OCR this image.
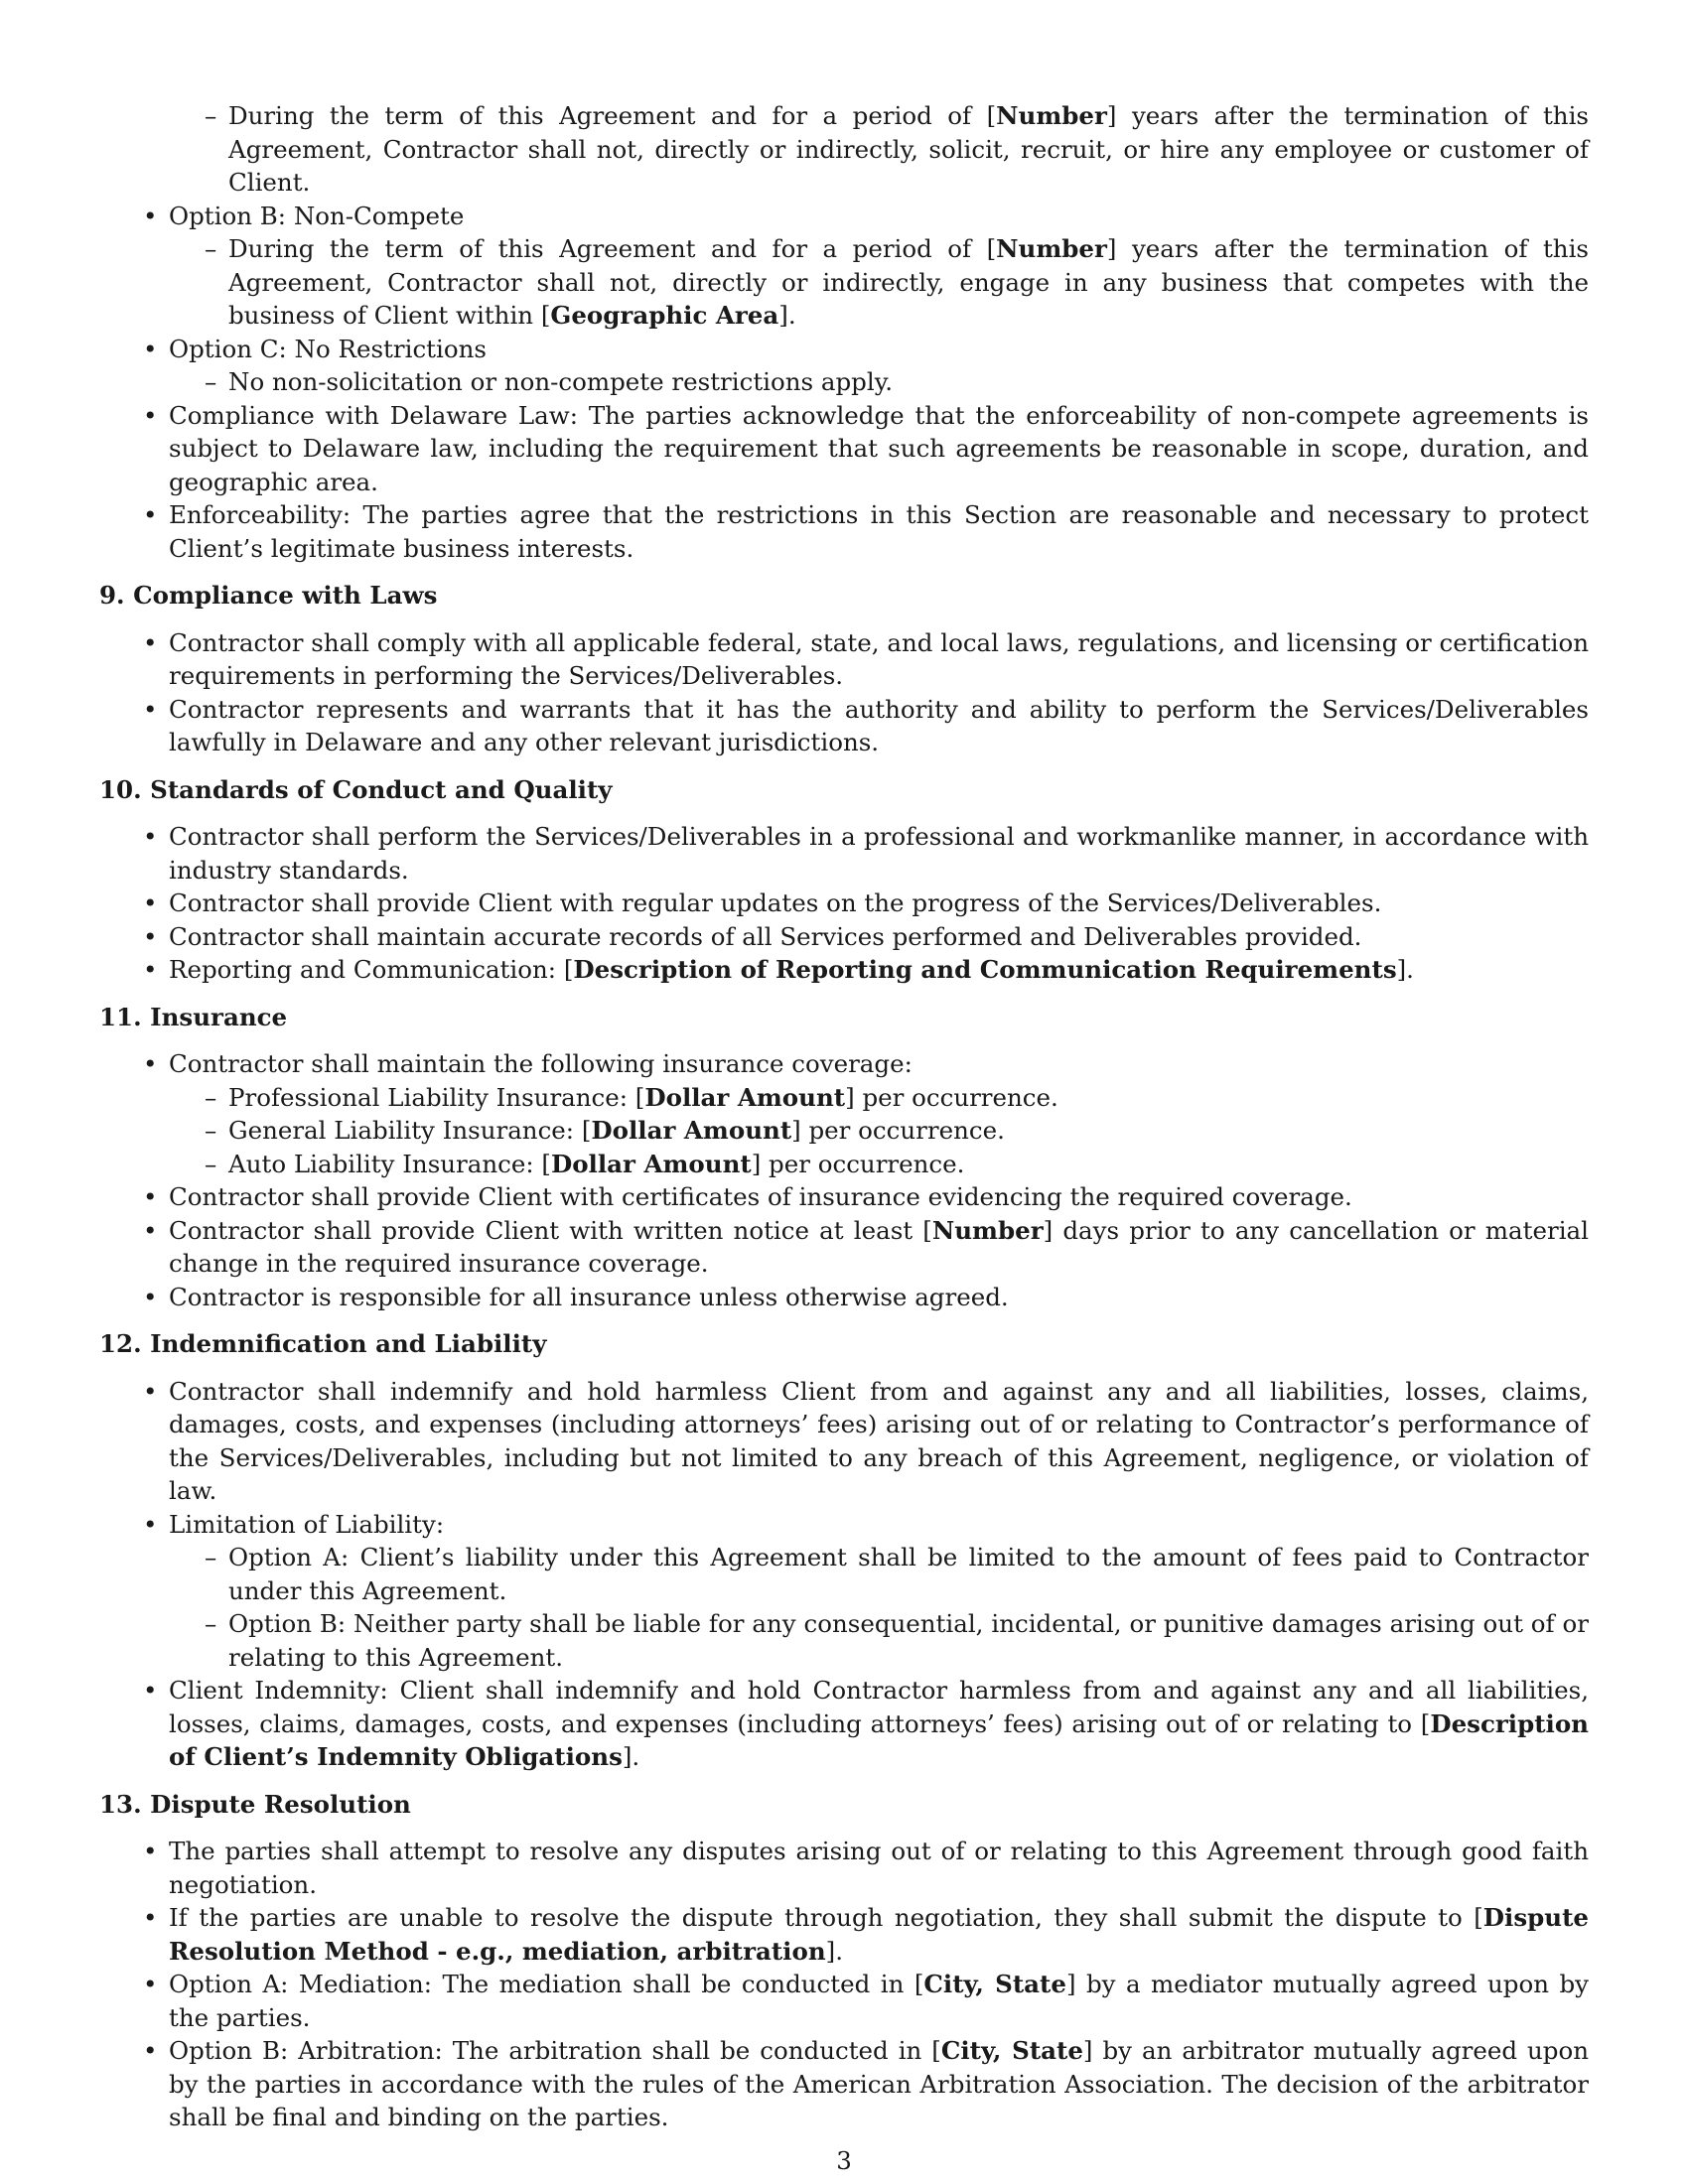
– During the term of this Agreement and for a period of [Number] years after the termination of this Agreement, Contractor shall not, directly or indirectly, solicit, recruit, or hire any employee or customer of Client.
• Option B: Non-Compete
– During the term of this Agreement and for a period of [Number] years after the termination of this Agreement, Contractor shall not, directly or indirectly, engage in any business that competes with the business of Client within [Geographic Area].
• Option C: No Restrictions
– No non-solicitation or non-compete restrictions apply.
• Compliance with Delaware Law: The parties acknowledge that the enforceability of non-compete agreements is subject to Delaware law, including the requirement that such agreements be reasonable in scope, duration, and geographic area.
• Enforceability: The parties agree that the restrictions in this Section are reasonable and necessary to protect Client’s legitimate business interests.
9. Compliance with Laws
• Contractor shall comply with all applicable federal, state, and local laws, regulations, and licensing or certification requirements in performing the Services/Deliverables.
• Contractor represents and warrants that it has the authority and ability to perform the Services/Deliverables lawfully in Delaware and any other relevant jurisdictions.
10. Standards of Conduct and Quality
• Contractor shall perform the Services/Deliverables in a professional and workmanlike manner, in accordance with industry standards.
• Contractor shall provide Client with regular updates on the progress of the Services/Deliverables.
• Contractor shall maintain accurate records of all Services performed and Deliverables provided.
• Reporting and Communication: [Description of Reporting and Communication Requirements].
11. Insurance
• Contractor shall maintain the following insurance coverage:
– Professional Liability Insurance: [Dollar Amount] per occurrence.
– General Liability Insurance: [Dollar Amount] per occurrence.
– Auto Liability Insurance: [Dollar Amount] per occurrence.
• Contractor shall provide Client with certificates of insurance evidencing the required coverage.
• Contractor shall provide Client with written notice at least [Number] days prior to any cancellation or material change in the required insurance coverage.
• Contractor is responsible for all insurance unless otherwise agreed.
12. Indemnification and Liability
• Contractor shall indemnify and hold harmless Client from and against any and all liabilities, losses, claims, damages, costs, and expenses (including attorneys’ fees) arising out of or relating to Contractor’s performance of the Services/Deliverables, including but not limited to any breach of this Agreement, negligence, or violation of law.
• Limitation of Liability:
– Option A: Client’s liability under this Agreement shall be limited to the amount of fees paid to Contractor under this Agreement.
– Option B: Neither party shall be liable for any consequential, incidental, or punitive damages arising out of or relating to this Agreement.
• Client Indemnity: Client shall indemnify and hold Contractor harmless from and against any and all liabilities, losses, claims, damages, costs, and expenses (including attorneys’ fees) arising out of or relating to [Description of Client’s Indemnity Obligations].
13. Dispute Resolution
• The parties shall attempt to resolve any disputes arising out of or relating to this Agreement through good faith negotiation.
• If the parties are unable to resolve the dispute through negotiation, they shall submit the dispute to [Dispute Resolution Method - e.g., mediation, arbitration].
• Option A: Mediation: The mediation shall be conducted in [City, State] by a mediator mutually agreed upon by the parties.
• Option B: Arbitration: The arbitration shall be conducted in [City, State] by an arbitrator mutually agreed upon by the parties in accordance with the rules of the American Arbitration Association. The decision of the arbitrator shall be final and binding on the parties.
3
